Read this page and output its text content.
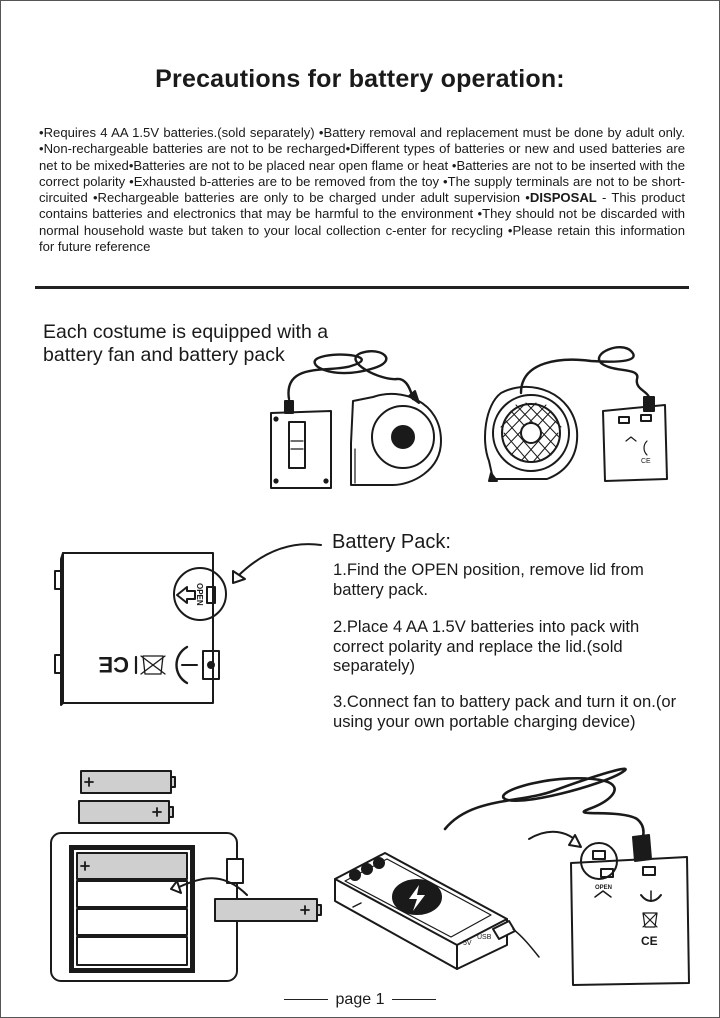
Precautions for battery operation:
•Requires 4 AA 1.5V batteries.(sold separately) •Battery removal and replacement must be done by adult only. •Non-rechargeable batteries are not to be recharged•Different types of batteries or new and used batteries are net to be mixed•Batteries are not to be placed near open flame or heat •Batteries are not to be inserted with the correct polarity •Exhausted b-atteries are to be removed from the toy •The supply terminals are not to be short-circuited •Rechargeable batteries are only to be charged under adult supervision •DISPOSAL - This product contains batteries and electronics that may be harmful to the environment •They should not be discarded with normal household waste but taken to your local collection c-enter for recycling •Please retain this information for future reference
Each costume is equipped with a battery fan and battery pack
CE
OPEN
CE
5V
USB
OPEN
CE
Battery Pack:
1.Find the OPEN position, remove lid from battery pack.
2.Place 4 AA 1.5V batteries into pack with correct polarity and replace the lid.(sold separately)
3.Connect fan to battery pack and turn it on.(or using your own portable charging device)
page 1
